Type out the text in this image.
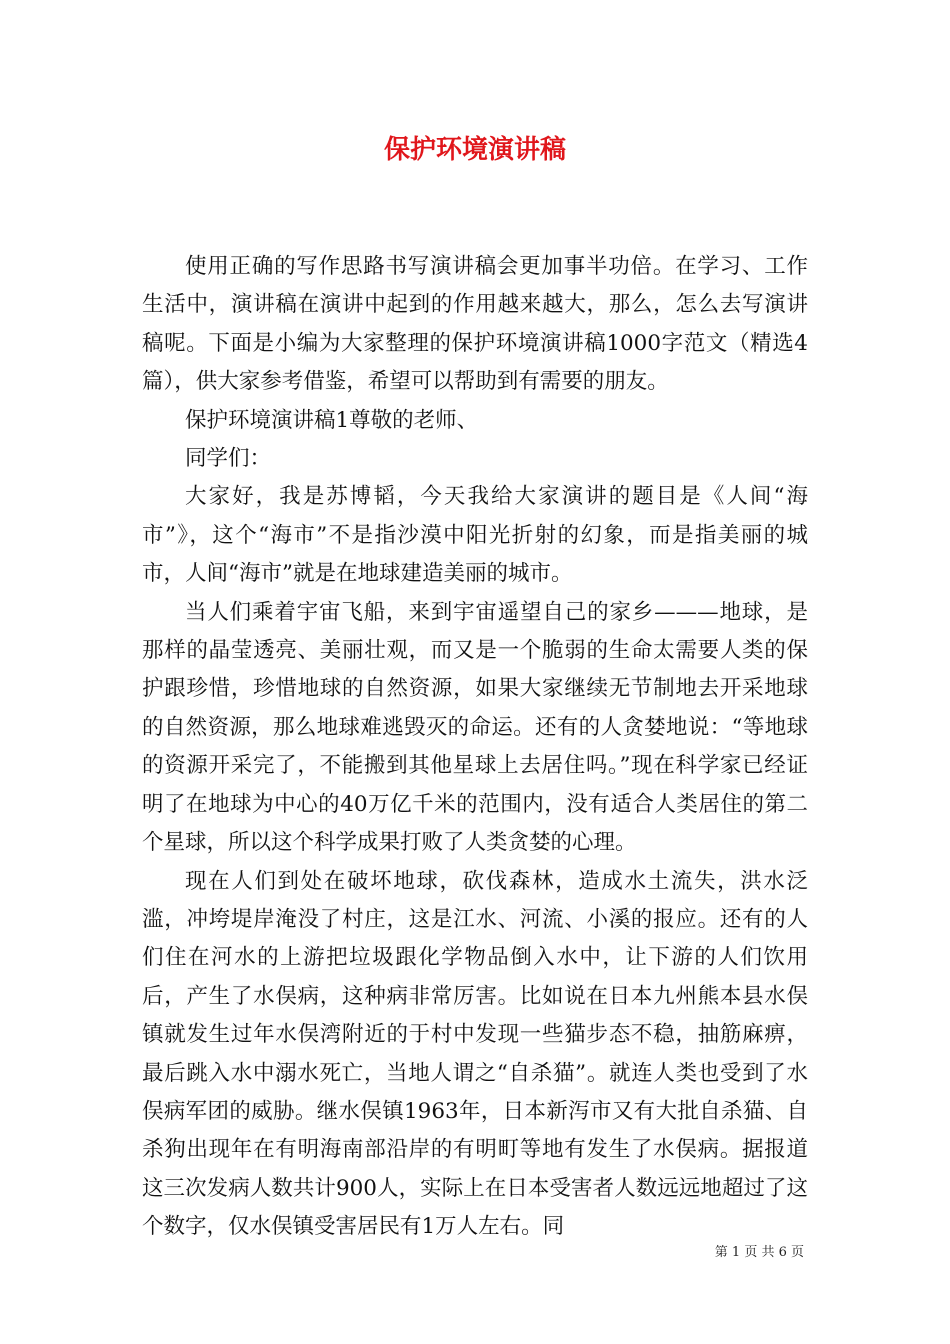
保护环境演讲稿

使用正确的写作思路书写演讲稿会更加事半功倍。在学习、工作生活中，演讲稿在演讲中起到的作用越来越大，那么，怎么去写演讲稿呢。下面是小编为大家整理的保护环境演讲稿1000字范文（精选4篇），供大家参考借鉴，希望可以帮助到有需要的朋友。

保护环境演讲稿1尊敬的老师、

同学们：

大家好，我是苏博韬，今天我给大家演讲的题目是《人间“海市”》，这个“海市”不是指沙漠中阳光折射的幻象，而是指美丽的城市，人间“海市”就是在地球建造美丽的城市。

当人们乘着宇宙飞船，来到宇宙遥望自己的家乡———地球，是那样的晶莹透亮、美丽壮观，而又是一个脆弱的生命太需要人类的保护跟珍惜，珍惜地球的自然资源，如果大家继续无节制地去开采地球的自然资源，那么地球难逃毁灭的命运。还有的人贪婪地说：“等地球的资源开采完了，不能搬到其他星球上去居住吗。”现在科学家已经证明了在地球为中心的40万亿千米的范围内，没有适合人类居住的第二个星球，所以这个科学成果打败了人类贪婪的心理。

现在人们到处在破坏地球，砍伐森林，造成水土流失，洪水泛滥，冲垮堤岸淹没了村庄，这是江水、河流、小溪的报应。还有的人们住在河水的上游把垃圾跟化学物品倒入水中，让下游的人们饮用后，产生了水俣病，这种病非常厉害。比如说在日本九州熊本县水俣镇就发生过年水俣湾附近的于村中发现一些猫步态不稳，抽筋麻痹，最后跳入水中溺水死亡，当地人谓之“自杀猫”。就连人类也受到了水俣病军团的威胁。继水俣镇1963年，日本新泻市又有大批自杀猫、自杀狗出现年在有明海南部沿岸的有明町等地有发生了水俣病。据报道这三次发病人数共计900人，实际上在日本受害者人数远远地超过了这个数字，仅水俣镇受害居民有1万人左右。同

第 1 页 共 6 页
